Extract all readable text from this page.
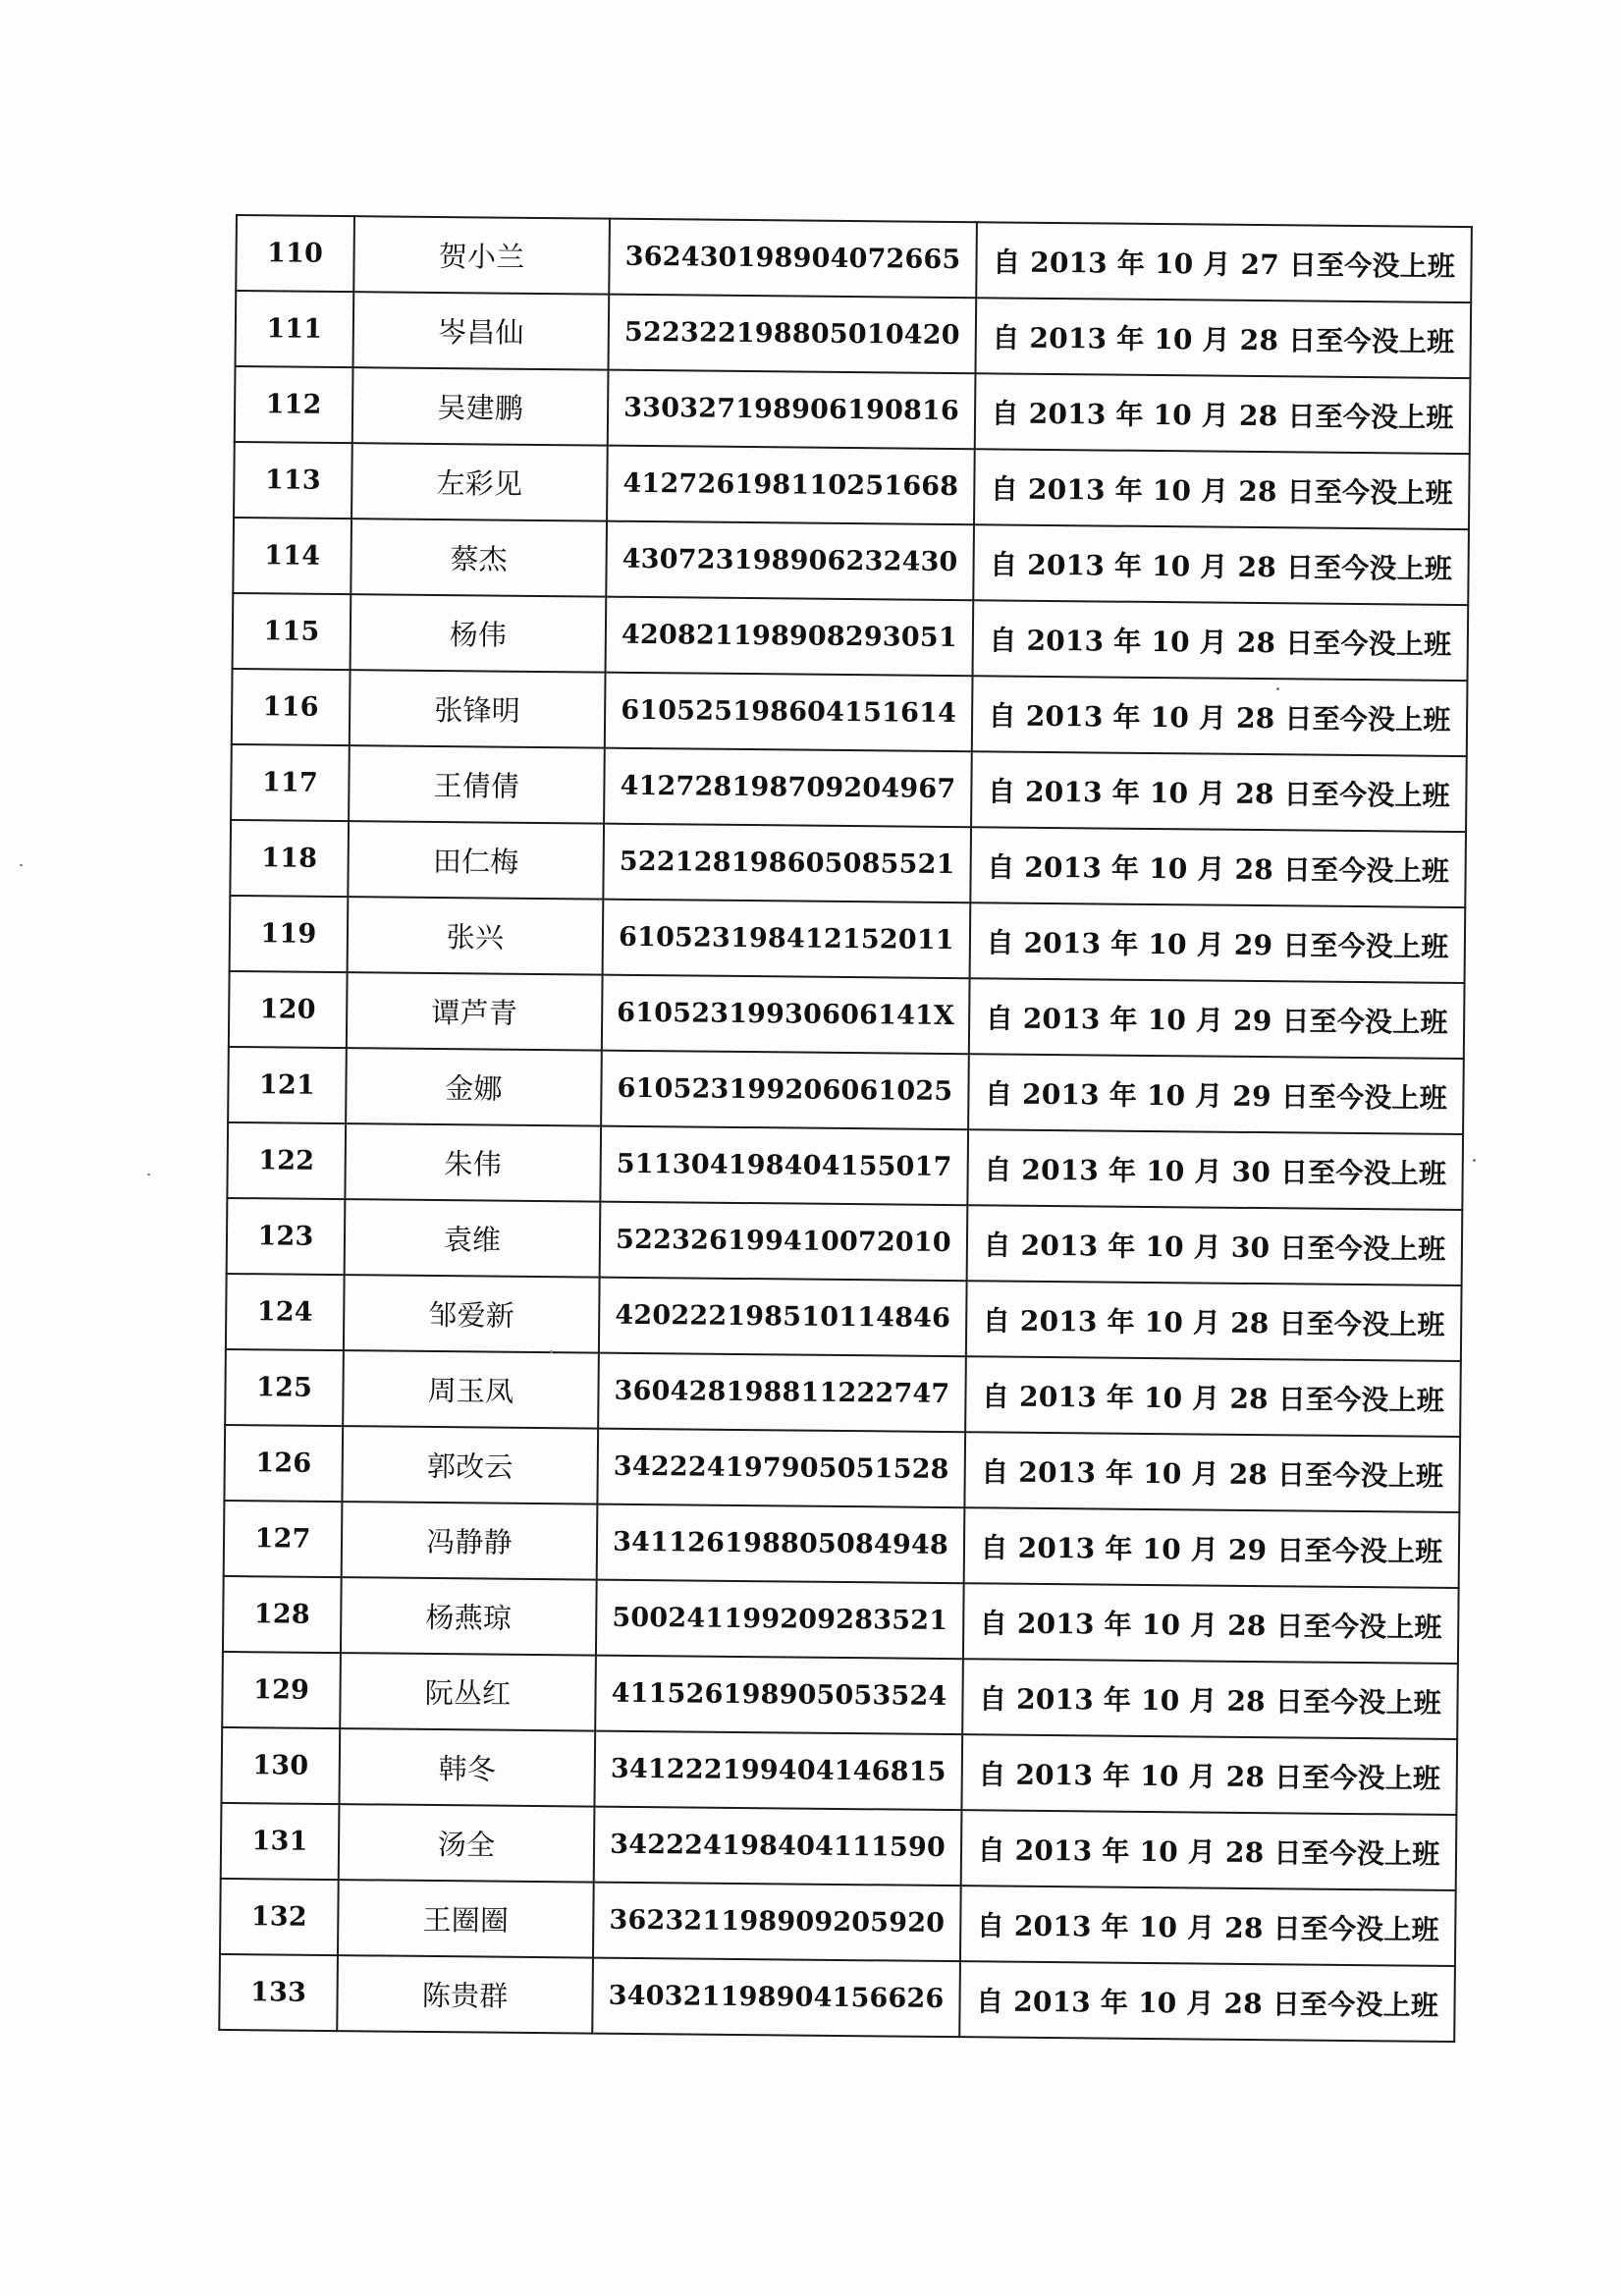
110	贺小兰	362430198904072665	自 2013 年 10 月 27 日至今没上班
111	岑昌仙	522322198805010420	自 2013 年 10 月 28 日至今没上班
112	吴建鹏	330327198906190816	自 2013 年 10 月 28 日至今没上班
113	左彩见	412726198110251668	自 2013 年 10 月 28 日至今没上班
114	蔡杰	430723198906232430	自 2013 年 10 月 28 日至今没上班
115	杨伟	420821198908293051	自 2013 年 10 月 28 日至今没上班
116	张锋明	610525198604151614	自 2013 年 10 月 28 日至今没上班
117	王倩倩	412728198709204967	自 2013 年 10 月 28 日至今没上班
118	田仁梅	522128198605085521	自 2013 年 10 月 28 日至今没上班
119	张兴	610523198412152011	自 2013 年 10 月 29 日至今没上班
120	谭芦青	61052319930606141X	自 2013 年 10 月 29 日至今没上班
121	金娜	610523199206061025	自 2013 年 10 月 29 日至今没上班
122	朱伟	511304198404155017	自 2013 年 10 月 30 日至今没上班
123	袁维	522326199410072010	自 2013 年 10 月 30 日至今没上班
124	邹爱新	420222198510114846	自 2013 年 10 月 28 日至今没上班
125	周玉凤	360428198811222747	自 2013 年 10 月 28 日至今没上班
126	郭改云	342224197905051528	自 2013 年 10 月 28 日至今没上班
127	冯静静	341126198805084948	自 2013 年 10 月 29 日至今没上班
128	杨燕琼	500241199209283521	自 2013 年 10 月 28 日至今没上班
129	阮丛红	411526198905053524	自 2013 年 10 月 28 日至今没上班
130	韩冬	341222199404146815	自 2013 年 10 月 28 日至今没上班
131	汤全	342224198404111590	自 2013 年 10 月 28 日至今没上班
132	王圈圈	362321198909205920	自 2013 年 10 月 28 日至今没上班
133	陈贵群	340321198904156626	自 2013 年 10 月 28 日至今没上班
